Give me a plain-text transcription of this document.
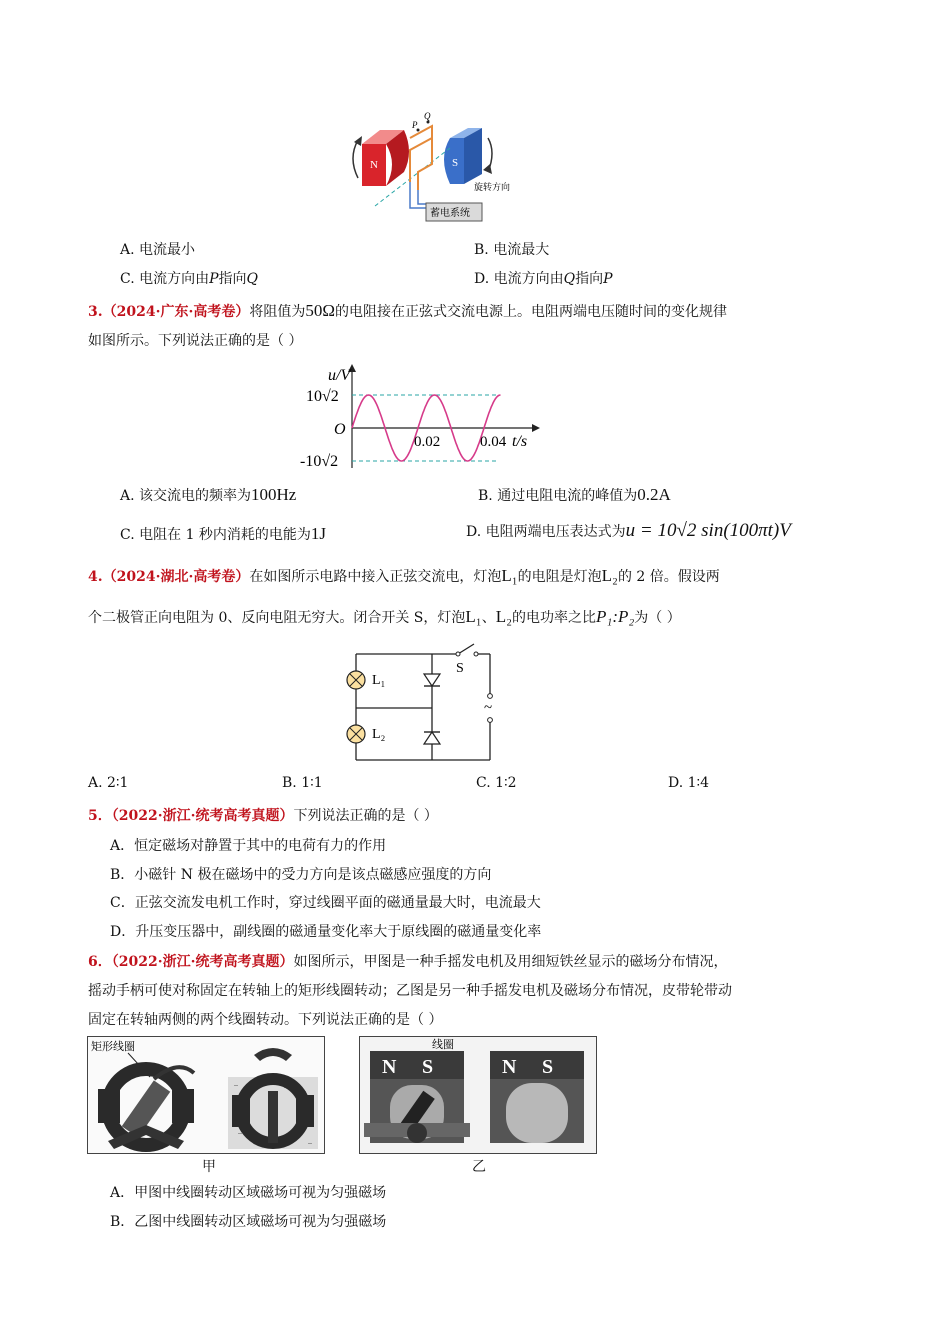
N	S
P
Q
蓄电系统
旋转方向
A. 电流最小	B. 电流最大
C. 电流方向由P指向Q	D. 电流方向由Q指向P
3.（2024·广东·高考卷）将阻值为50Ω的电阻接在正弦式交流电源上。电阻两端电压随时间的变化规律
如图所示。下列说法正确的是（ ）
u/V
t/s
O
10√2
-10√2
0.02	0.04
A. 该交流电的频率为100Hz	B. 通过电阻电流的峰值为0.2A
C. 电阻在 1 秒内消耗的电能为1J	D. 电阻两端电压表达式为u = 10√2 sin(100πt)V
4.（2024·湖北·高考卷）在如图所示电路中接入正弦交流电，灯泡L₁的电阻是灯泡L₂的 2 倍。假设两
个二极管正向电阻为 0、反向电阻无穷大。闭合开关 S，灯泡L₁、L₂的电功率之比P₁:P₂为（ ）
L₁
L₂
S
~
A. 2∶1	B. 1∶1	C. 1∶2	D. 1∶4
5．（2022·浙江·统考高考真题）下列说法正确的是（ ）
A．恒定磁场对静置于其中的电荷有力的作用
B．小磁针 N 极在磁场中的受力方向是该点磁感应强度的方向
C．正弦交流发电机工作时，穿过线圈平面的磁通量最大时，电流最大
D．升压变压器中，副线圈的磁通量变化率大于原线圈的磁通量变化率
6．（2022·浙江·统考高考真题）如图所示，甲图是一种手摇发电机及用细短铁丝显示的磁场分布情况，
摇动手柄可使对称固定在转轴上的矩形线圈转动；乙图是另一种手摇发电机及磁场分布情况，皮带轮带动
固定在转轴两侧的两个线圈转动。下列说法正确的是（ ）
矩形线圈
甲
线圈
N S	N S
乙
A．甲图中线圈转动区域磁场可视为匀强磁场
B．乙图中线圈转动区域磁场可视为匀强磁场
